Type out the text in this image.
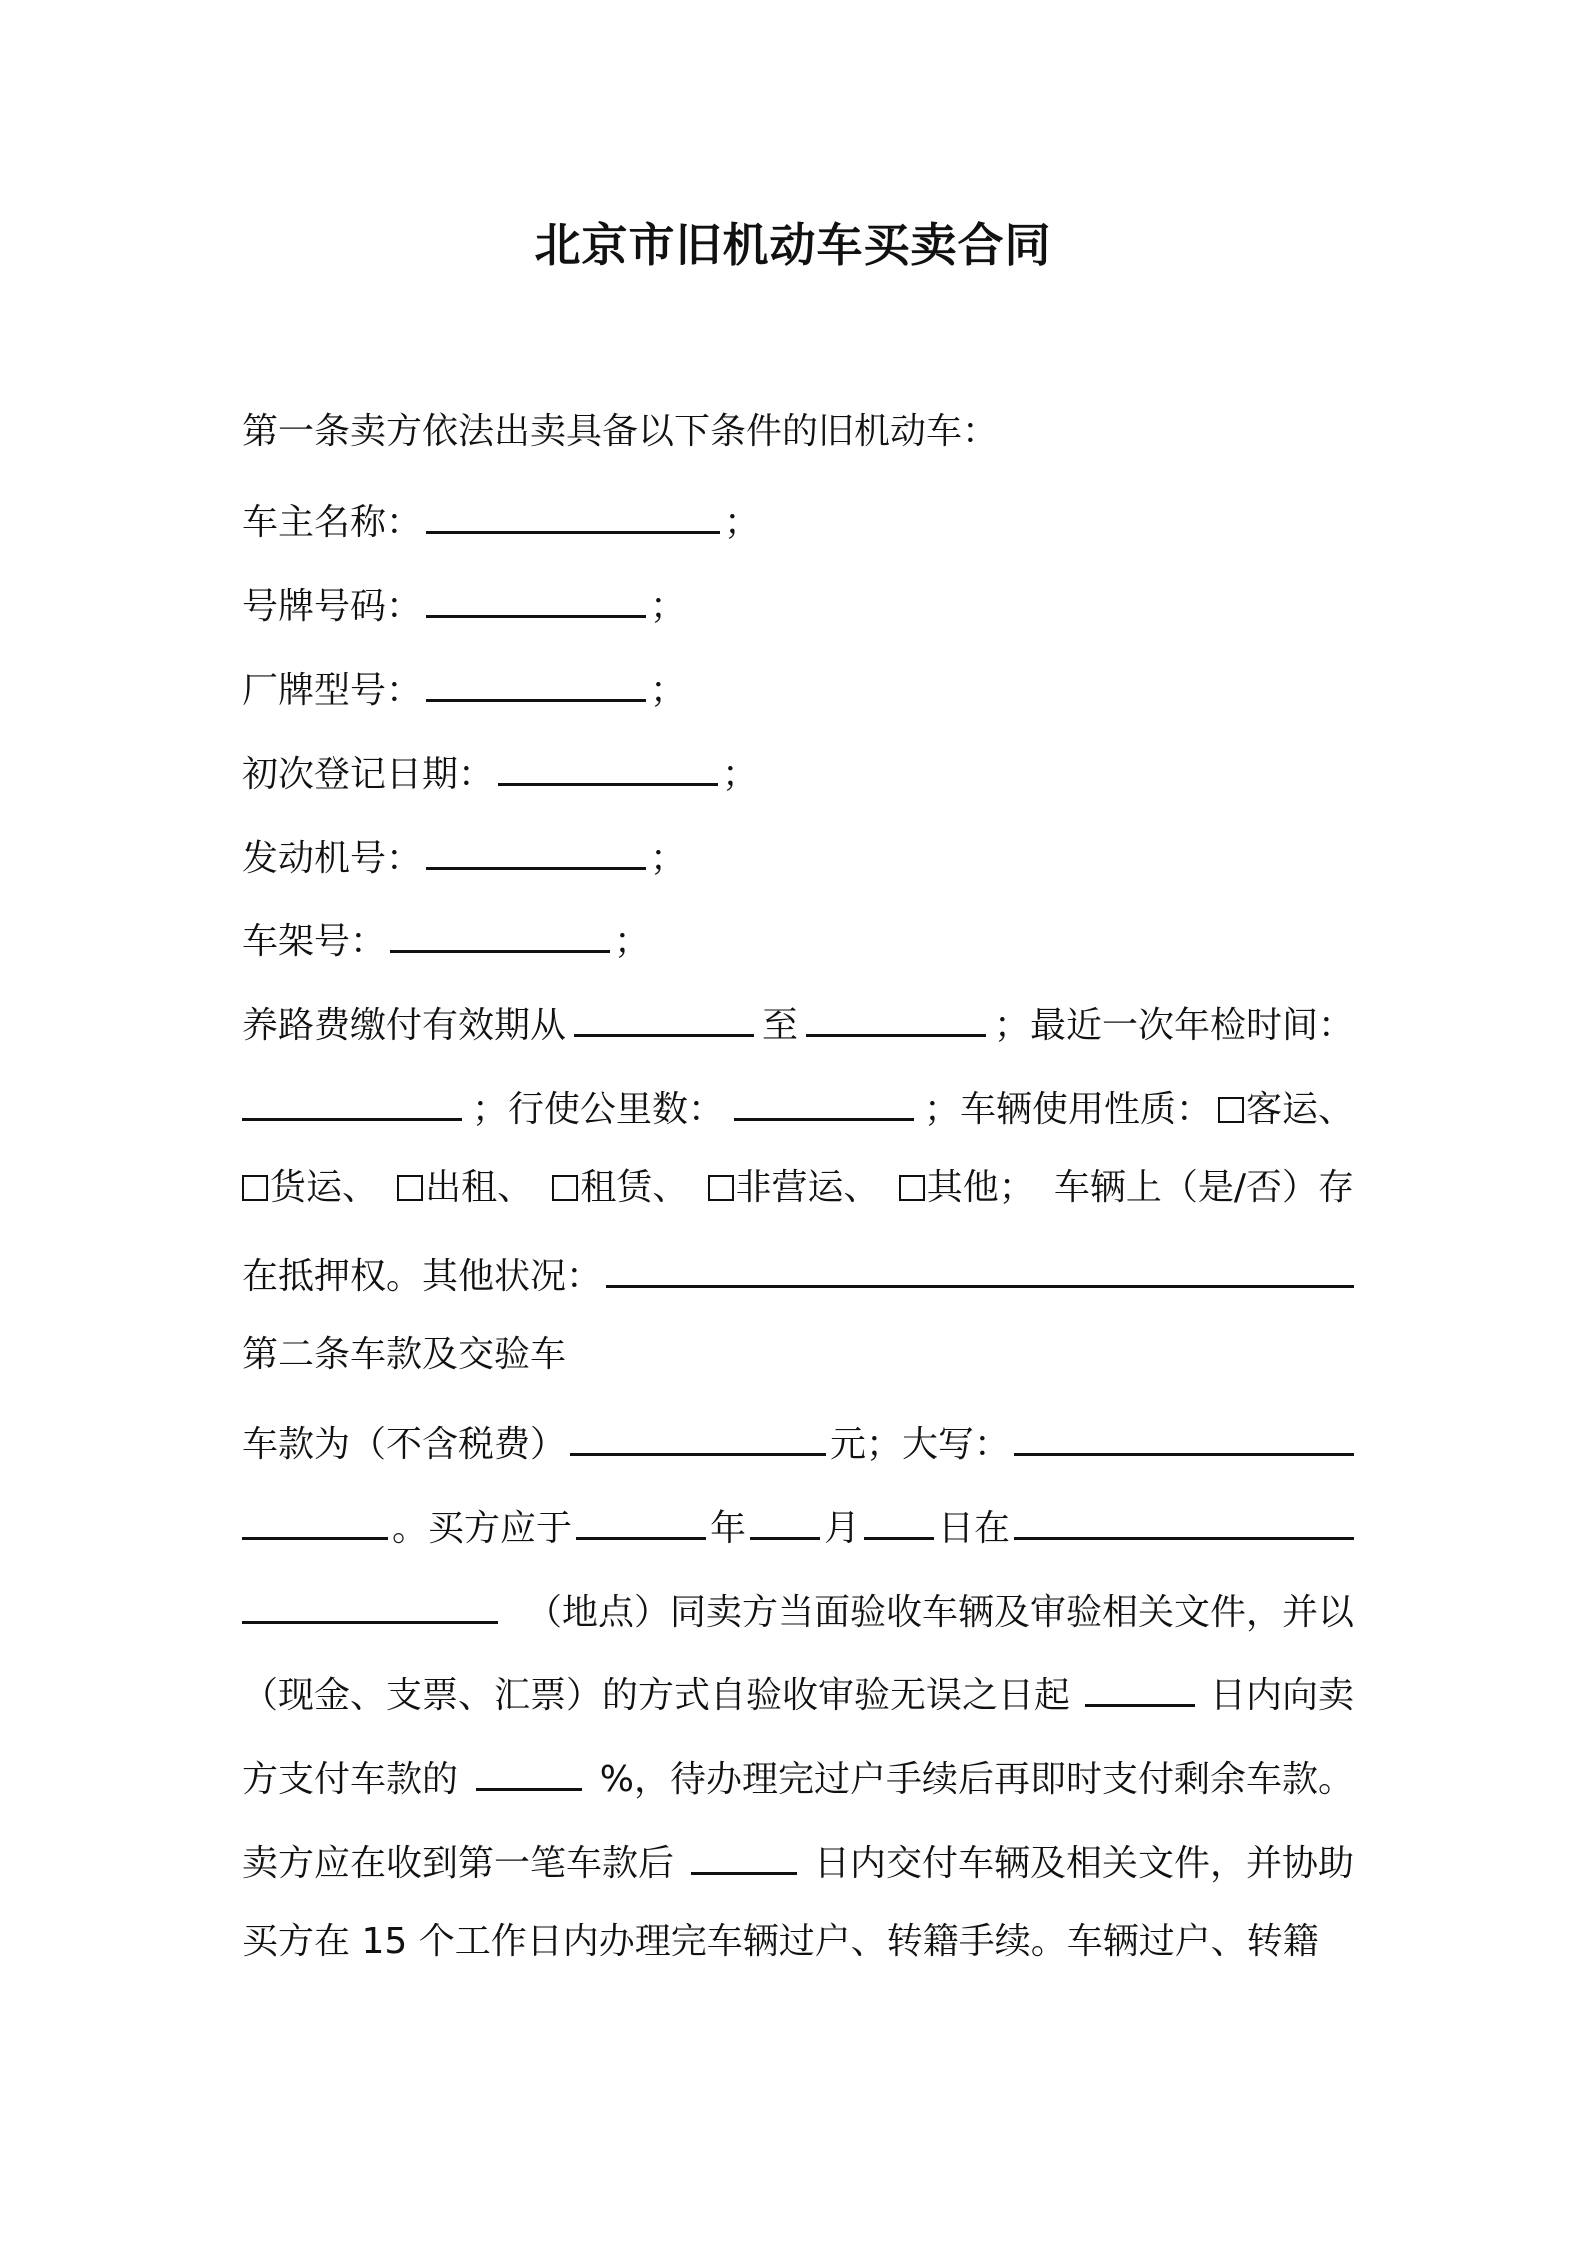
北京市旧机动车买卖合同
第一条卖方依法出卖具备以下条件的旧机动车：
车主名称：	；
号牌号码：	；
厂牌型号：	；
初次登记日期：	；
发动机号：	；
车架号：	；
养路费缴付有效期从	至	；最近一次年检时间：
；行使公里数：	；车辆使用性质： 客运、
货运、	出租、	租赁、	非营运、	其他； 车辆上（是/否）存
在抵押权。其他状况：
第二条车款及交验车
车款为（不含税费）	元；大写：
。买方应于	年 月 日在
（地点）同卖方当面验收车辆及审验相关文件，并以
（现金、支票、汇票）的方式自验收审验无误之日起	日内向卖
方支付车款的	%，待办理完过户手续后再即时支付剩余车款。
卖方应在收到第一笔车款后	日内交付车辆及相关文件，并协助
买方在 15 个工作日内办理完车辆过户、转籍手续。车辆过户、转籍
